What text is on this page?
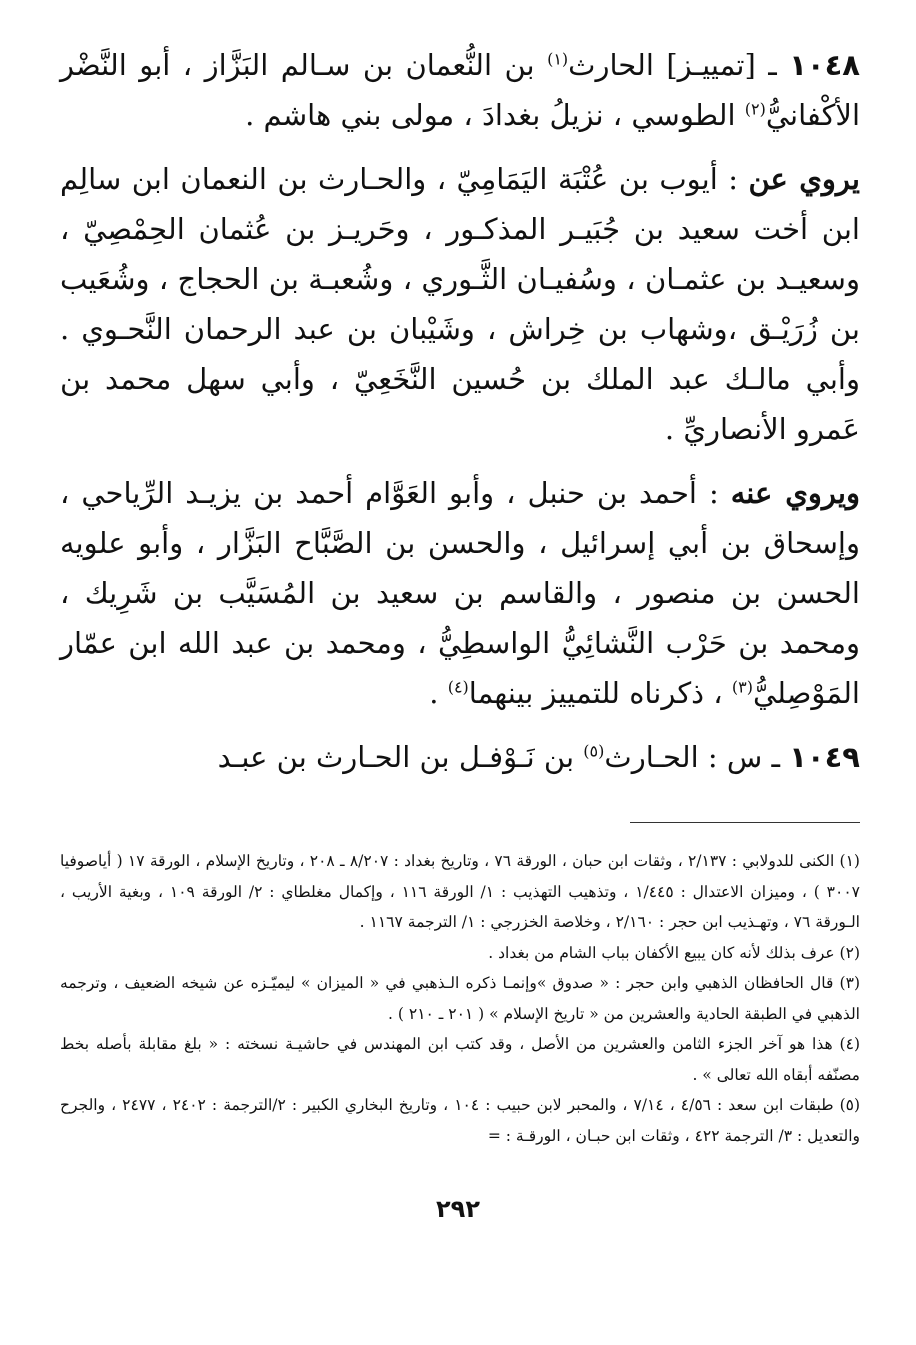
١٠٤٨ ـ [تمييـز] الحارث$^{(١)}$ بن النُّعمان بن سـالم البَزَّاز ، أبو النَّضْر الأكْفانيُّ$^{(٢)}$ الطوسي ، نزيلُ بغدادَ ، مولى بني هاشم .

يروي عن : أيوب بن عُتْبَة اليَمَامِيّ ، والحـارث بن النعمان ابن سالِم ابن أخت سعيد بن جُبَيـر المذكـور ، وحَريـز بن عُثمان الحِمْصِيّ ، وسعيـد بن عثمـان ، وسُفيـان الثَّـوري ، وشُعبـة بن الحجاج ، وشُعَيب بن زُرَيْـق ،وشهاب بن خِراش ، وشَيْبان بن عبد الرحمان النَّحـوي . وأبي مالـك عبد الملك بن حُسين النَّخَعِيّ ، وأبي سهل محمد بن عَمرو الأنصاريِّ .

ويروي عنه : أحمد بن حنبل ، وأبو العَوَّام أحمد بن يزيـد الرِّياحي ، وإسحاق بن أبي إسرائيل ، والحسن بن الصَّبَّاح البَزَّار ، وأبو علويه الحسن بن منصور ، والقاسم بن سعيد بن المُسَيَّب بن شَرِيك ، ومحمد بن حَرْب النَّشائِيُّ الواسطِيُّ ، ومحمد بن عبد الله ابن عمّار المَوْصِليُّ$^{(٣)}$ ، ذكرناه للتمييز بينهما$^{(٤)}$ .

١٠٤٩ ـ س : الحـارث$^{(٥)}$ بن نَـوْفـل بن الحـارث بن عبـد

(١) الكنى للدولابي : ٢/١٣٧ ، وثقات ابن حبان ، الورقة ٧٦ ، وتاريخ بغداد : ٨/٢٠٧ ـ ٢٠٨ ، وتاريخ الإسلام ، الورقة ١٧ ( أياصوفيا ٣٠٠٧ ) ، وميزان الاعتدال : ١/٤٤٥ ، وتذهيب التهذيب : ١/ الورقة ١١٦ ، وإكمال مغلطاي : ٢/ الورقة ١٠٩ ، وبغية الأريب ، الـورقة ٧٦ ، وتهـذيب ابن حجر : ٢/١٦٠ ، وخلاصة الخزرجي : ١/ الترجمة ١١٦٧ .

(٢) عرف بذلك لأنه كان يبيع الأكفان بباب الشام من بغداد .

(٣) قال الحافظان الذهبي وابن حجر : « صدوق »وإنمـا ذكره الـذهبي في « الميزان » ليميّـزه عن شيخه الضعيف ، وترجمه الذهبي في الطبقة الحادية والعشرين من « تاريخ الإسلام » ( ٢٠١ ـ ٢١٠ ) .

(٤) هذا هو آخر الجزء الثامن والعشرين من الأصل ، وقد كتب ابن المهندس في حاشيـة نسخته : « بلغ مقابلة بأصله بخط مصنّفه أبقاه الله تعالى » .

(٥) طبقات ابن سعد : ٤/٥٦ ، ٧/١٤ ، والمحبر لابن حبيب : ١٠٤ ، وتاريخ البخاري الكبير : ٢/الترجمة : ٢٤٠٢ ، ٢٤٧٧ ، والجرح والتعديل : ٣/ الترجمة ٤٢٢ ، وثقات ابن حبـان ، الورقـة : =

٢٩٢
